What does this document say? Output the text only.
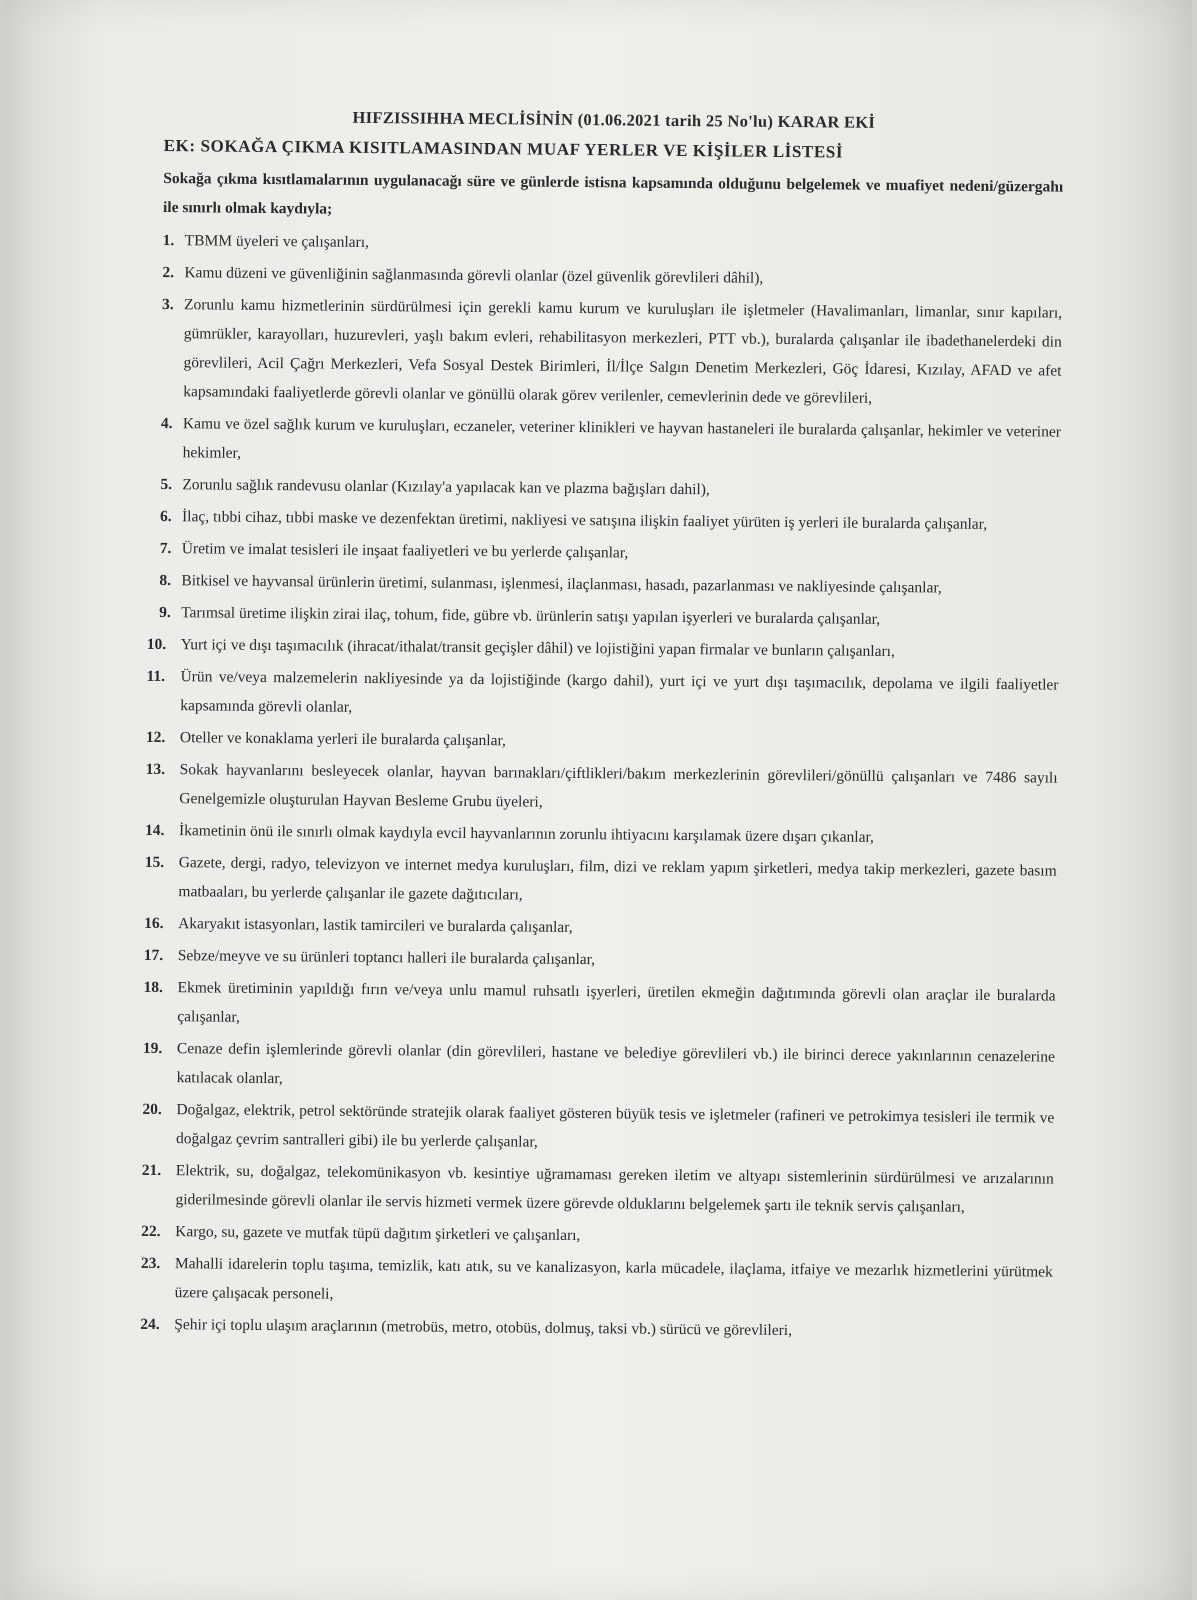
HIFZISSIHHA MECLİSİNİN (01.06.2021 tarih 25 No'lu) KARAR EKİ
EK: SOKAĞA ÇIKMA KISITLAMASINDAN MUAF YERLER VE KİŞİLER LİSTESİ
Sokağa çıkma kısıtlamalarının uygulanacağı süre ve günlerde istisna kapsamında olduğunu belgelemek ve muafiyet nedeni/güzergahı ile sınırlı olmak kaydıyla;
1. TBMM üyeleri ve çalışanları,
2. Kamu düzeni ve güvenliğinin sağlanmasında görevli olanlar (özel güvenlik görevlileri dâhil),
3. Zorunlu kamu hizmetlerinin sürdürülmesi için gerekli kamu kurum ve kuruluşları ile işletmeler (Havalimanları, limanlar, sınır kapıları, gümrükler, karayolları, huzurevleri, yaşlı bakım evleri, rehabilitasyon merkezleri, PTT vb.), buralarda çalışanlar ile ibadethanelerdeki din görevlileri, Acil Çağrı Merkezleri, Vefa Sosyal Destek Birimleri, İl/İlçe Salgın Denetim Merkezleri, Göç İdaresi, Kızılay, AFAD ve afet kapsamındaki faaliyetlerde görevli olanlar ve gönüllü olarak görev verilenler, cemevlerinin dede ve görevlileri,
4. Kamu ve özel sağlık kurum ve kuruluşları, eczaneler, veteriner klinikleri ve hayvan hastaneleri ile buralarda çalışanlar, hekimler ve veteriner hekimler,
5. Zorunlu sağlık randevusu olanlar (Kızılay'a yapılacak kan ve plazma bağışları dahil),
6. İlaç, tıbbi cihaz, tıbbi maske ve dezenfektan üretimi, nakliyesi ve satışına ilişkin faaliyet yürüten iş yerleri ile buralarda çalışanlar,
7. Üretim ve imalat tesisleri ile inşaat faaliyetleri ve bu yerlerde çalışanlar,
8. Bitkisel ve hayvansal ürünlerin üretimi, sulanması, işlenmesi, ilaçlanması, hasadı, pazarlanması ve nakliyesinde çalışanlar,
9. Tarımsal üretime ilişkin zirai ilaç, tohum, fide, gübre vb. ürünlerin satışı yapılan işyerleri ve buralarda çalışanlar,
10. Yurt içi ve dışı taşımacılık (ihracat/ithalat/transit geçişler dâhil) ve lojistiğini yapan firmalar ve bunların çalışanları,
11. Ürün ve/veya malzemelerin nakliyesinde ya da lojistiğinde (kargo dahil), yurt içi ve yurt dışı taşımacılık, depolama ve ilgili faaliyetler kapsamında görevli olanlar,
12. Oteller ve konaklama yerleri ile buralarda çalışanlar,
13. Sokak hayvanlarını besleyecek olanlar, hayvan barınakları/çiftlikleri/bakım merkezlerinin görevlileri/gönüllü çalışanları ve 7486 sayılı Genelgemizle oluşturulan Hayvan Besleme Grubu üyeleri,
14. İkametinin önü ile sınırlı olmak kaydıyla evcil hayvanlarının zorunlu ihtiyacını karşılamak üzere dışarı çıkanlar,
15. Gazete, dergi, radyo, televizyon ve internet medya kuruluşları, film, dizi ve reklam yapım şirketleri, medya takip merkezleri, gazete basım matbaaları, bu yerlerde çalışanlar ile gazete dağıtıcıları,
16. Akaryakıt istasyonları, lastik tamircileri ve buralarda çalışanlar,
17. Sebze/meyve ve su ürünleri toptancı halleri ile buralarda çalışanlar,
18. Ekmek üretiminin yapıldığı fırın ve/veya unlu mamul ruhsatlı işyerleri, üretilen ekmeğin dağıtımında görevli olan araçlar ile buralarda çalışanlar,
19. Cenaze defin işlemlerinde görevli olanlar (din görevlileri, hastane ve belediye görevlileri vb.) ile birinci derece yakınlarının cenazelerine katılacak olanlar,
20. Doğalgaz, elektrik, petrol sektöründe stratejik olarak faaliyet gösteren büyük tesis ve işletmeler (rafineri ve petrokimya tesisleri ile termik ve doğalgaz çevrim santralleri gibi) ile bu yerlerde çalışanlar,
21. Elektrik, su, doğalgaz, telekomünikasyon vb. kesintiye uğramaması gereken iletim ve altyapı sistemlerinin sürdürülmesi ve arızalarının giderilmesinde görevli olanlar ile servis hizmeti vermek üzere görevde olduklarını belgelemek şartı ile teknik servis çalışanları,
22. Kargo, su, gazete ve mutfak tüpü dağıtım şirketleri ve çalışanları,
23. Mahalli idarelerin toplu taşıma, temizlik, katı atık, su ve kanalizasyon, karla mücadele, ilaçlama, itfaiye ve mezarlık hizmetlerini yürütmek üzere çalışacak personeli,
24. Şehir içi toplu ulaşım araçlarının (metrobüs, metro, otobüs, dolmuş, taksi vb.) sürücü ve görevlileri,
